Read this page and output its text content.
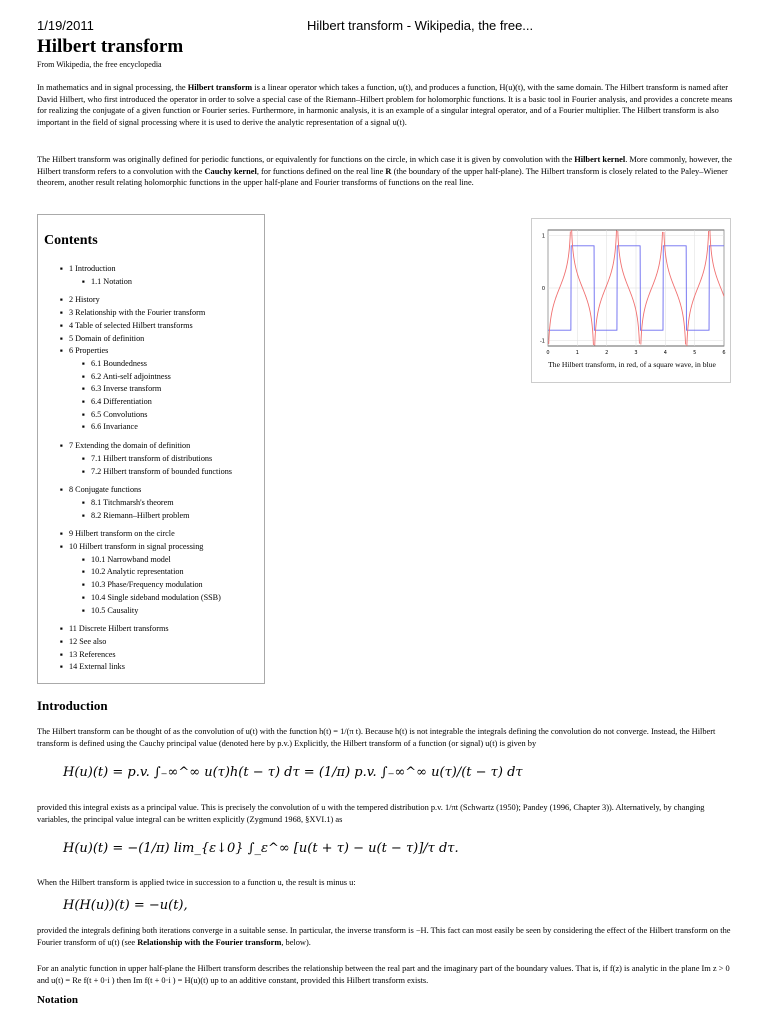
1/19/2011	Hilbert transform - Wikipedia, the free...
Hilbert transform
From Wikipedia, the free encyclopedia

In mathematics and in signal processing, the Hilbert transform is a linear operator which takes a function, u(t), and produces a function, H(u)(t), with the same domain. The Hilbert transform is named after David Hilbert, who first introduced the operator in order to solve a special case of the Riemann–Hilbert problem for holomorphic functions. It is a basic tool in Fourier analysis, and provides a concrete means for realizing the conjugate of a given function or Fourier series. Furthermore, in harmonic analysis, it is an example of a singular integral operator, and of a Fourier multiplier. The Hilbert transform is also important in the field of signal processing where it is used to derive the analytic representation of a signal u(t).

The Hilbert transform was originally defined for periodic functions, or equivalently for functions on the circle, in which case it is given by convolution with the Hilbert kernel. More commonly, however, the Hilbert transform refers to a convolution with the Cauchy kernel, for functions defined on the real line R (the boundary of the upper half-plane). The Hilbert transform is closely related to the Paley–Wiener theorem, another result relating holomorphic functions in the upper half-plane and Fourier transforms of functions on the real line.

Contents
■ 1 Introduction
■ 1.1 Notation
■ 2 History
■ 3 Relationship with the Fourier transform
■ 4 Table of selected Hilbert transforms
■ 5 Domain of definition
■ 6 Properties
■ 6.1 Boundedness
■ 6.2 Anti-self adjointness
■ 6.3 Inverse transform
■ 6.4 Differentiation
■ 6.5 Convolutions
■ 6.6 Invariance
■ 7 Extending the domain of definition
■ 7.1 Hilbert transform of distributions
■ 7.2 Hilbert transform of bounded functions
■ 8 Conjugate functions
■ 8.1 Titchmarsh's theorem
■ 8.2 Riemann–Hilbert problem
■ 9 Hilbert transform on the circle
■ 10 Hilbert transform in signal processing
■ 10.1 Narrowband model
■ 10.2 Analytic representation
■ 10.3 Phase/Frequency modulation
■ 10.4 Single sideband modulation (SSB)
■ 10.5 Causality
■ 11 Discrete Hilbert transforms
■ 12 See also
■ 13 References
■ 14 External links
0	1	2	3	4	5	6
1
0
-1
The Hilbert transform, in red, of a square wave, in blue
Introduction

The Hilbert transform can be thought of as the convolution of u(t) with the function h(t) = 1/(π t). Because h(t) is not integrable the integrals defining the convolution do not converge. Instead, the Hilbert transform is defined using the Cauchy principal value (denoted here by p.v.) Explicitly, the Hilbert transform of a function (or signal) u(t) is given by

H(u)(t) = p.v. ∫₋∞^∞ u(τ)h(t − τ) dτ = (1/π) p.v. ∫₋∞^∞ u(τ)/(t − τ) dτ

provided this integral exists as a principal value. This is precisely the convolution of u with the tempered distribution p.v. 1/πt (Schwartz (1950); Pandey (1996, Chapter 3)). Alternatively, by changing variables, the principal value integral can be written explicitly (Zygmund 1968, §XVI.1) as

H(u)(t) = −(1/π) lim_{ε↓0} ∫_ε^∞ [u(t + τ) − u(t − τ)]/τ dτ.

When the Hilbert transform is applied twice in succession to a function u, the result is minus u:

H(H(u))(t) = −u(t),

provided the integrals defining both iterations converge in a suitable sense. In particular, the inverse transform is −H. This fact can most easily be seen by considering the effect of the Hilbert transform on the Fourier transform of u(t) (see Relationship with the Fourier transform, below).

For an analytic function in upper half-plane the Hilbert transform describes the relationship between the real part and the imaginary part of the boundary values. That is, if f(z) is analytic in the plane Im z > 0 and u(t) = Re f(t + 0·i ) then Im f(t + 0·i ) = H(u)(t) up to an additive constant, provided this Hilbert transform exists.

Notation
